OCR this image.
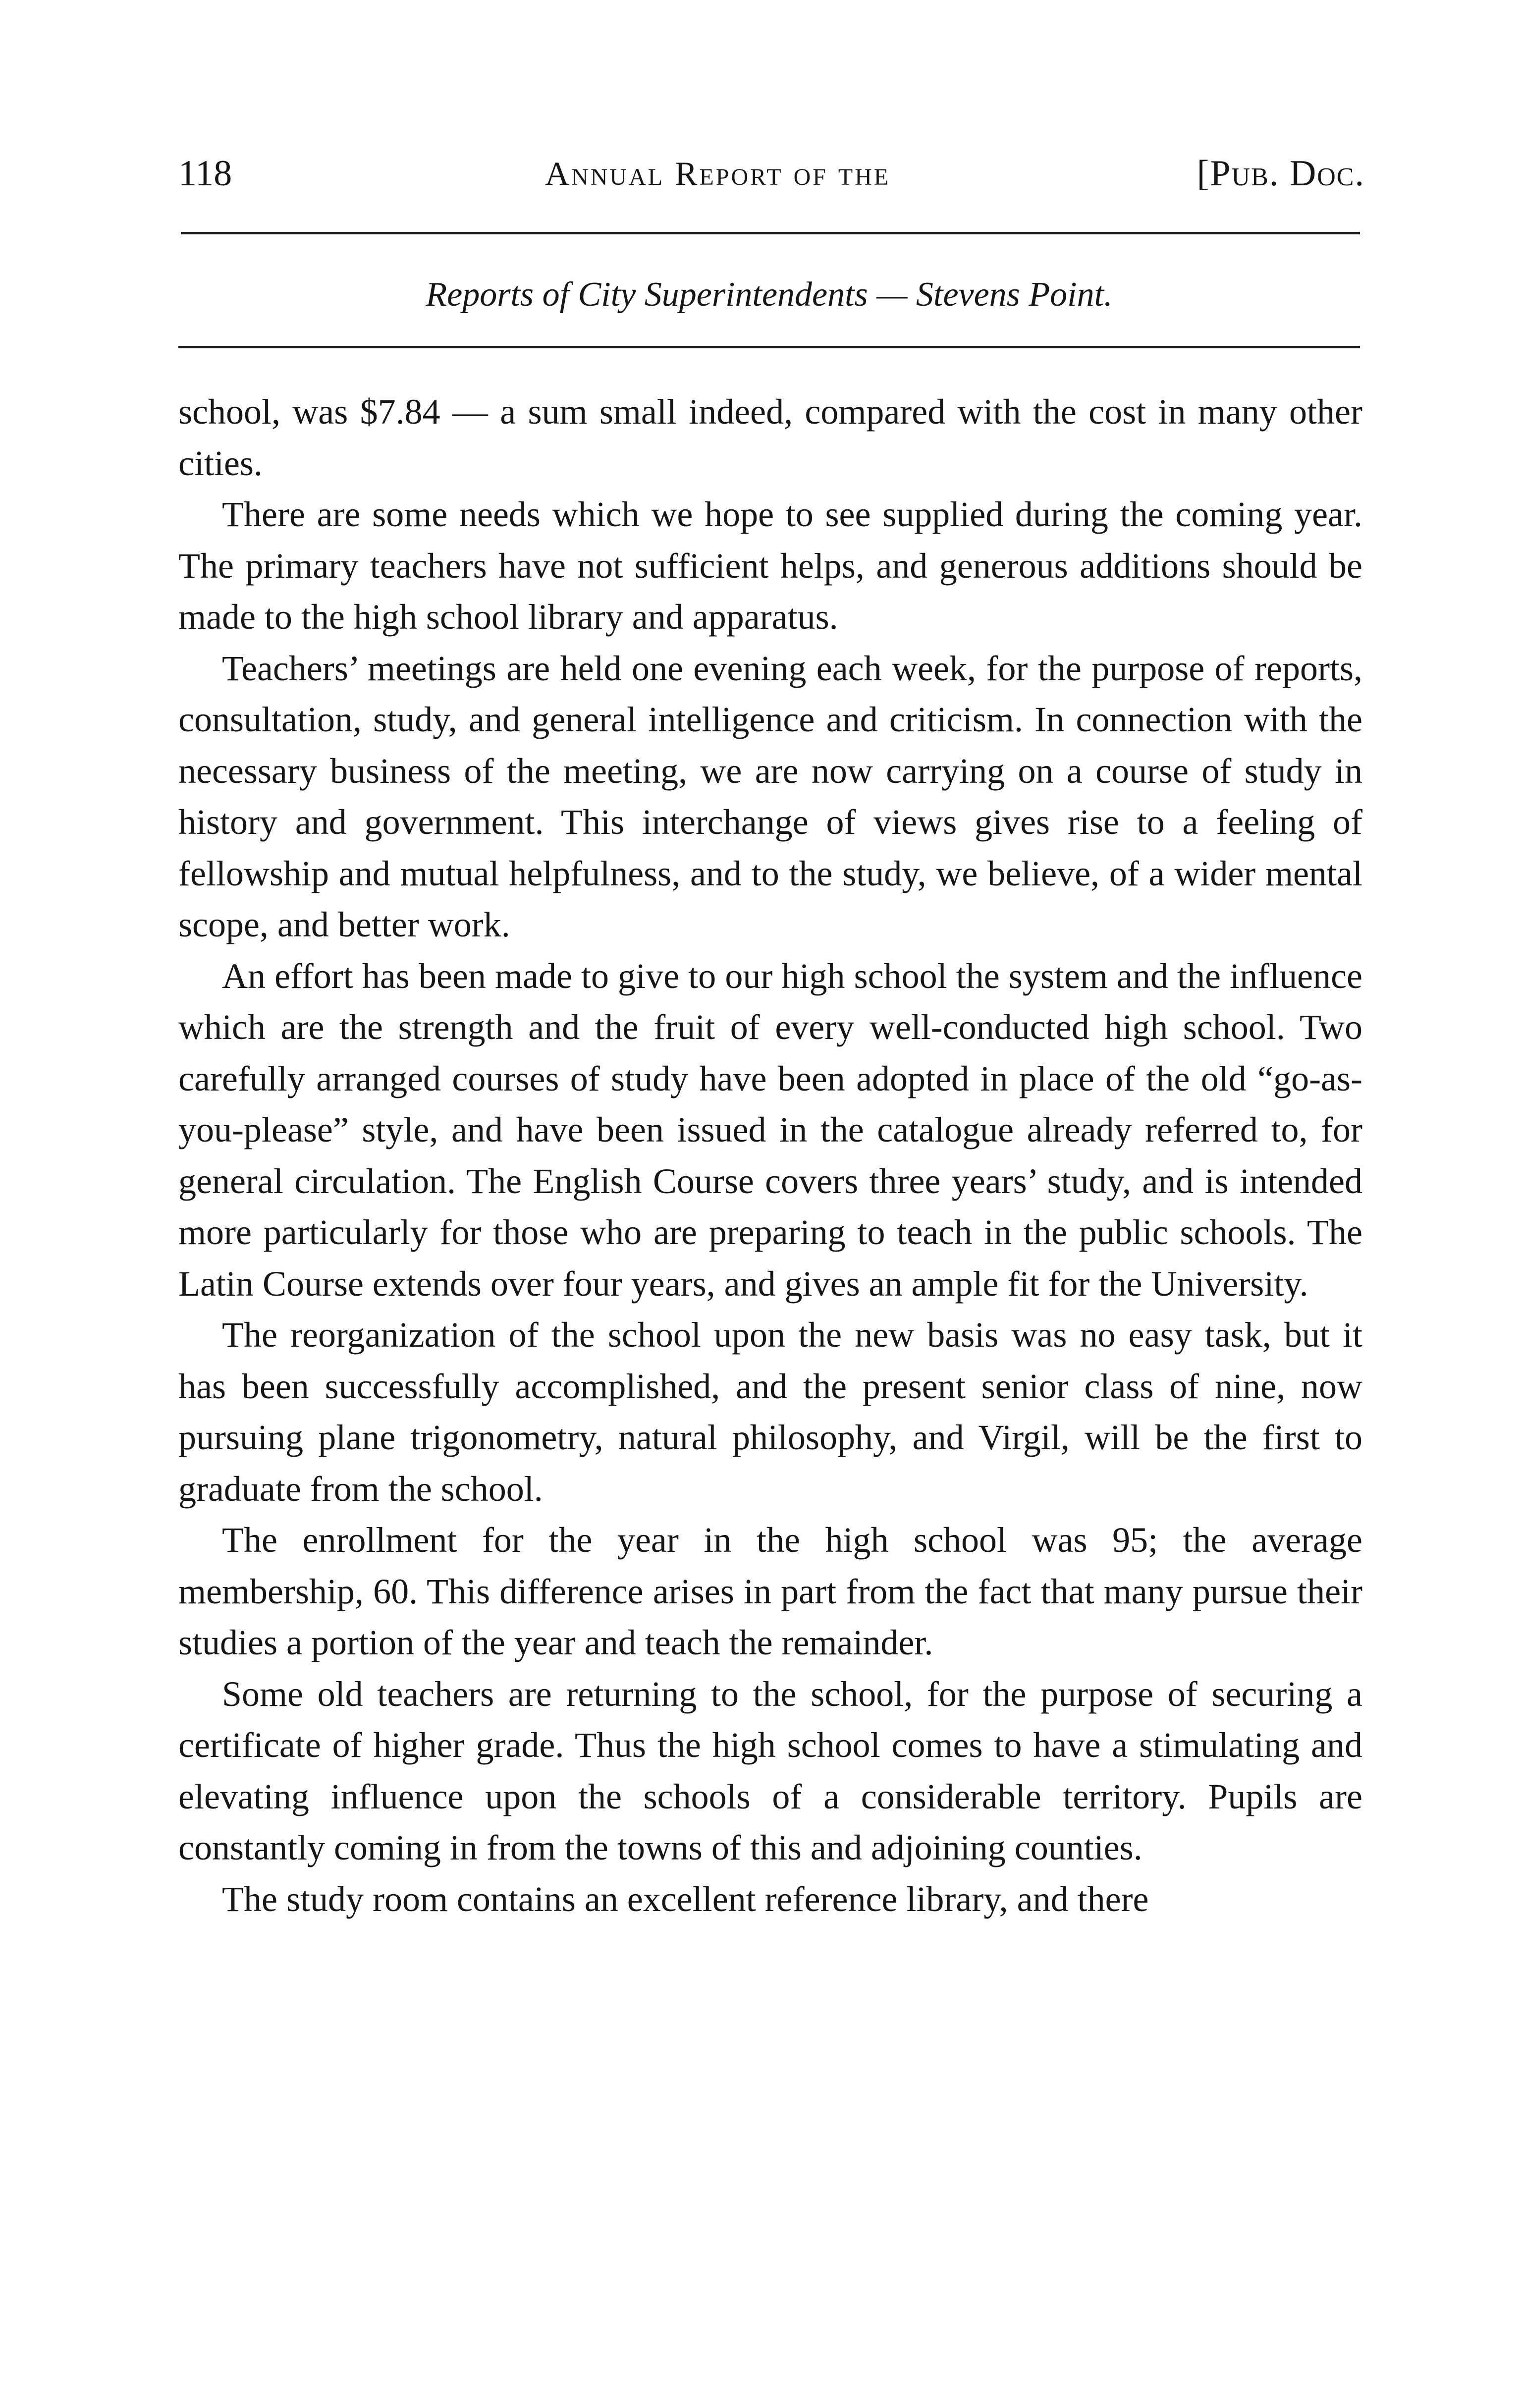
118	Annual Report of the	[Pub. Doc.
Reports of City Superintendents — Stevens Point.

school, was $7.84 — a sum small indeed, compared with the cost in many other cities.

There are some needs which we hope to see supplied during the coming year. The primary teachers have not sufficient helps, and generous additions should be made to the high school library and apparatus.

Teachers’ meetings are held one evening each week, for the purpose of reports, consultation, study, and general intelligence and criticism. In connection with the necessary business of the meeting, we are now carrying on a course of study in history and government. This interchange of views gives rise to a feeling of fellowship and mutual helpfulness, and to the study, we believe, of a wider mental scope, and better work.

An effort has been made to give to our high school the system and the influence which are the strength and the fruit of every well-conducted high school. Two carefully arranged courses of study have been adopted in place of the old “go-as-you-please” style, and have been issued in the catalogue already referred to, for general circulation. The English Course covers three years’ study, and is intended more particularly for those who are preparing to teach in the public schools. The Latin Course extends over four years, and gives an ample fit for the University.

The reorganization of the school upon the new basis was no easy task, but it has been successfully accomplished, and the present senior class of nine, now pursuing plane trigonometry, natural philosophy, and Virgil, will be the first to graduate from the school.

The enrollment for the year in the high school was 95; the average membership, 60. This difference arises in part from the fact that many pursue their studies a portion of the year and teach the remainder.

Some old teachers are returning to the school, for the purpose of securing a certificate of higher grade. Thus the high school comes to have a stimulating and elevating influence upon the schools of a considerable territory. Pupils are constantly coming in from the towns of this and adjoining counties.

The study room contains an excellent reference library, and there
